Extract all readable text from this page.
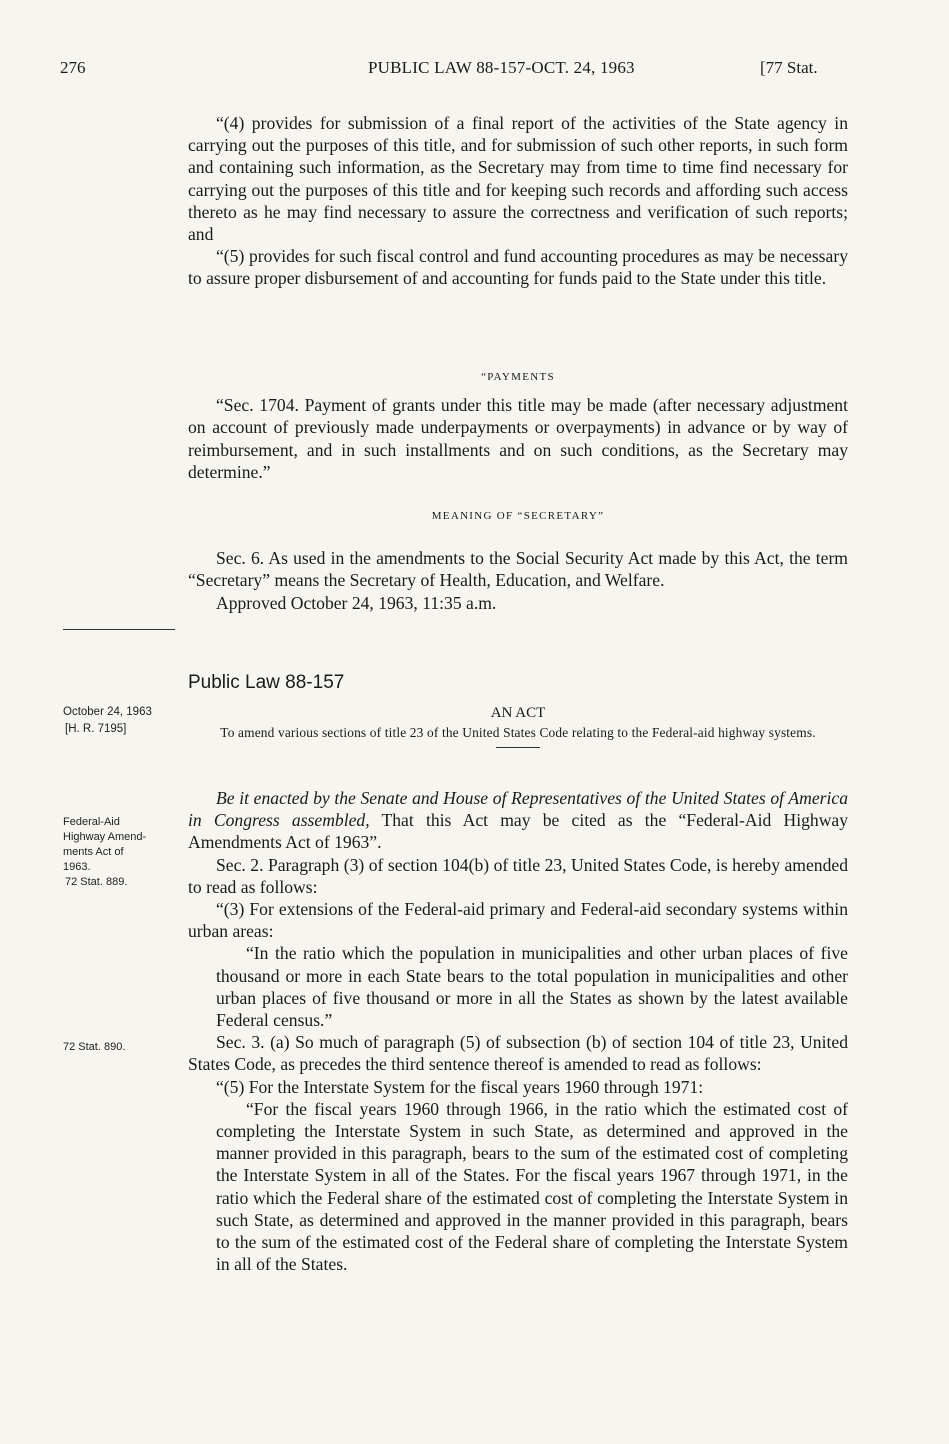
276	PUBLIC LAW 88-157-OCT. 24, 1963	[77 Stat.

“(4) provides for submission of a final report of the activities of the State agency in carrying out the purposes of this title, and for submission of such other reports, in such form and containing such information, as the Secretary may from time to time find necessary for carrying out the purposes of this title and for keeping such records and affording such access thereto as he may find necessary to assure the correctness and verification of such reports; and

“(5) provides for such fiscal control and fund accounting procedures as may be necessary to assure proper disbursement of and accounting for funds paid to the State under this title.

“PAYMENTS

“Sec. 1704. Payment of grants under this title may be made (after necessary adjustment on account of previously made underpayments or overpayments) in advance or by way of reimbursement, and in such installments and on such conditions, as the Secretary may determine.”

MEANING OF “SECRETARY”

Sec. 6. As used in the amendments to the Social Security Act made by this Act, the term “Secretary” means the Secretary of Health, Education, and Welfare.

Approved October 24, 1963, 11:35 a.m.

Public Law 88-157
AN ACT
To amend various sections of title 23 of the United States Code relating to the Federal-aid highway systems.

Be it enacted by the Senate and House of Representatives of the United States of America in Congress assembled, That this Act may be cited as the “Federal-Aid Highway Amendments Act of 1963”.

Sec. 2. Paragraph (3) of section 104(b) of title 23, United States Code, is hereby amended to read as follows:

“(3) For extensions of the Federal-aid primary and Federal-aid secondary systems within urban areas:

“In the ratio which the population in municipalities and other urban places of five thousand or more in each State bears to the total population in municipalities and other urban places of five thousand or more in all the States as shown by the latest available Federal census.”

Sec. 3. (a) So much of paragraph (5) of subsection (b) of section 104 of title 23, United States Code, as precedes the third sentence thereof is amended to read as follows:

“(5) For the Interstate System for the fiscal years 1960 through 1971:

“For the fiscal years 1960 through 1966, in the ratio which the estimated cost of completing the Interstate System in such State, as determined and approved in the manner provided in this paragraph, bears to the sum of the estimated cost of completing the Interstate System in all of the States. For the fiscal years 1967 through 1971, in the ratio which the Federal share of the estimated cost of completing the Interstate System in such State, as determined and approved in the manner provided in this paragraph, bears to the sum of the estimated cost of the Federal share of completing the Interstate System in all of the States.

October 24, 1963
[H. R. 7195]
Federal-Aid
Highway Amend-
ments Act of
1963.
72 Stat. 889.
72 Stat. 890.
